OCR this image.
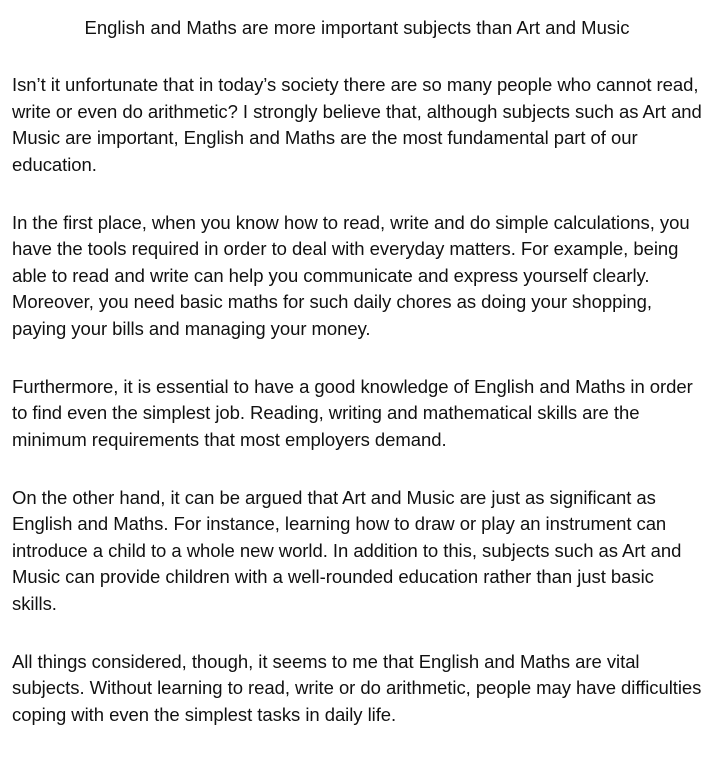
English and Maths are more important subjects than Art and Music

Isn’t it unfortunate that in today’s society there are so many people who cannot read, write or even do arithmetic? I strongly believe that, although subjects such as Art and Music are important, English and Maths are the most fundamental part of our education.

In the first place, when you know how to read, write and do simple calculations, you have the tools required in order to deal with everyday matters. For example, being able to read and write can help you communicate and express yourself clearly. Moreover, you need basic maths for such daily chores as doing your shopping, paying your bills and managing your money.

Furthermore, it is essential to have a good knowledge of English and Maths in order to find even the simplest job. Reading, writing and mathematical skills are the minimum requirements that most employers demand.

On the other hand, it can be argued that Art and Music are just as significant as English and Maths. For instance, learning how to draw or play an instrument can introduce a child to a whole new world. In addition to this, subjects such as Art and Music can provide children with a well-rounded education rather than just basic skills.

All things considered, though, it seems to me that English and Maths are vital subjects. Without learning to read, write or do arithmetic, people may have difficulties coping with even the simplest tasks in daily life.
